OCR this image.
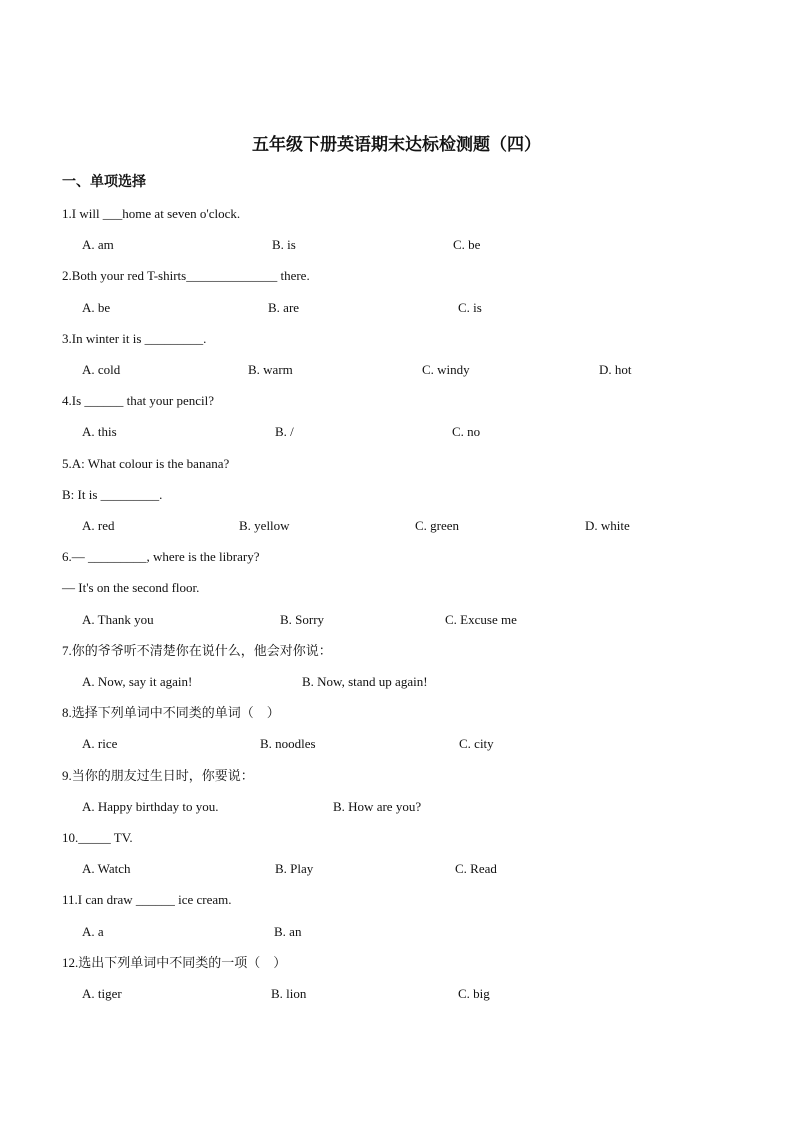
五年级下册英语期末达标检测题（四）
一、单项选择
1.I will ___home at seven o'clock.
A. am	B. is	C. be
2.Both your red T-shirts______________ there.
A. be	B. are	C. is
3.In winter it is _________.
A. cold	B. warm	C. windy	D. hot
4.Is ______ that your pencil?
A. this	B. /	C. no
5.A: What colour is the banana?
B: It is _________.
A. red	B. yellow	C. green	D. white
6.— _________, where is the library?
— It's on the second floor.
A. Thank you	B. Sorry	C. Excuse me
7.你的爷爷听不清楚你在说什么，他会对你说：
A. Now, say it again!	B. Now, stand up again!
8.选择下列单词中不同类的单词（    ）
A. rice	B. noodles	C. city
9.当你的朋友过生日时，你要说：
A. Happy birthday to you.	B. How are you?
10._____ TV.
A. Watch	B. Play	C. Read
11.I can draw ______ ice cream.
A. a	B. an
12.选出下列单词中不同类的一项（    ）
A. tiger	B. lion	C. big
